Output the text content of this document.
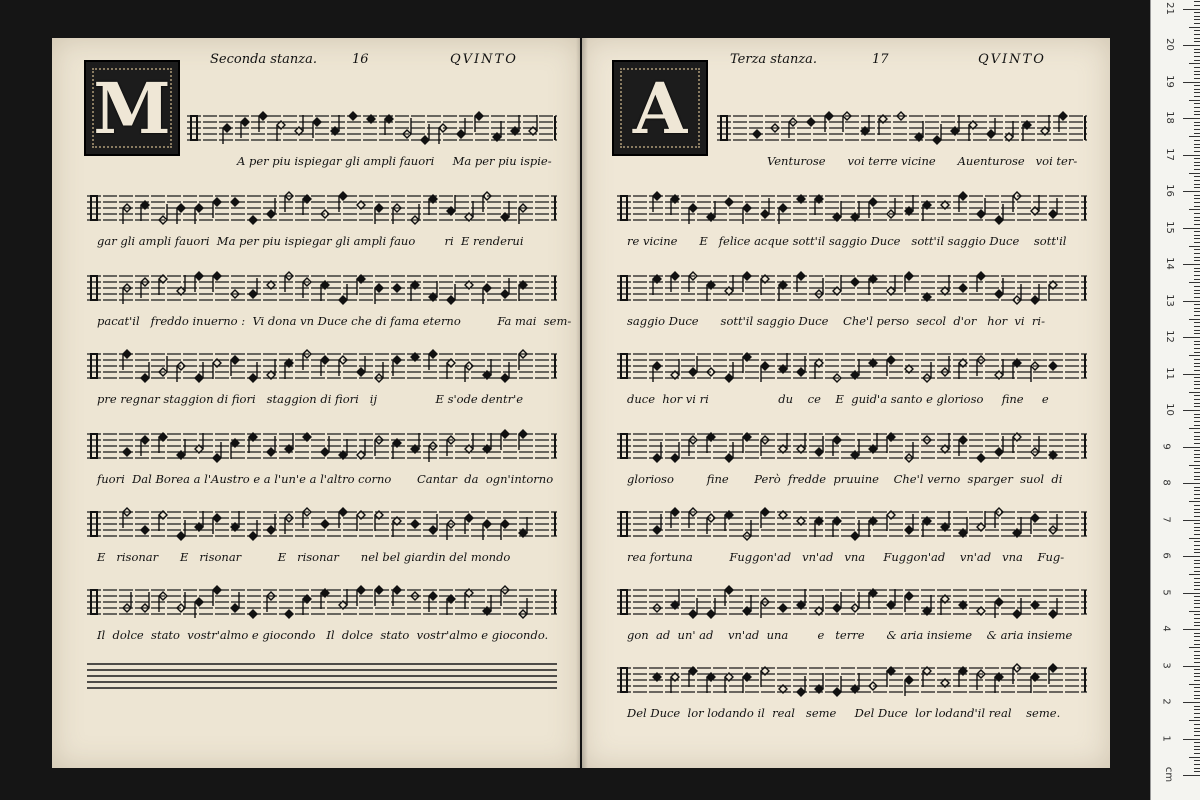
M
Seconda stanza.	16	QVINTO
A per piu ispiegar gli ampli fauori     Ma per piu ispie-
gar gli ampli fauori  Ma per piu ispiegar gli ampli fauo        ri  E renderui
pacat'il   freddo inuerno :  Vi dona vn Duce che di fama eterno          Fa mai  sem-
pre regnar staggion di fiori   staggion di fiori   ij                E s'ode dentr'e
fuori  Dal Borea a l'Austro e a l'un'e a l'altro corno       Cantar  da  ogn'intorno
E   risonar      E   risonar          E   risonar      nel bel giardin del mondo
Il  dolce  stato  vostr'almo e giocondo   Il  dolce  stato  vostr'almo e giocondo.
A
Terza stanza.	17	QVINTO
Venturose      voi terre vicine      Auenturose   voi ter-
re vicine      E   felice acque sott'il saggio Duce   sott'il saggio Duce    sott'il
saggio Duce      sott'il saggio Duce    Che'l perso  secol  d'or   hor  vi  ri-
duce  hor vi ri                   du    ce    E  guid'a santo e glorioso     fine     e
glorioso         fine       Però  fredde  pruuine    Che'l verno  sparger  suol  di
rea fortuna          Fuggon'ad   vn'ad   vna     Fuggon'ad    vn'ad   vna    Fug-
gon  ad  un' ad    vn'ad  una        e   terre      & aria insieme    & aria insieme
Del Duce  lor lodando il  real   seme     Del Duce  lor lodand'il real    seme.
cm
1
2
3
4
5
6
7
8
9
10
11
12
13
14
15
16
17
18
19
20
21
